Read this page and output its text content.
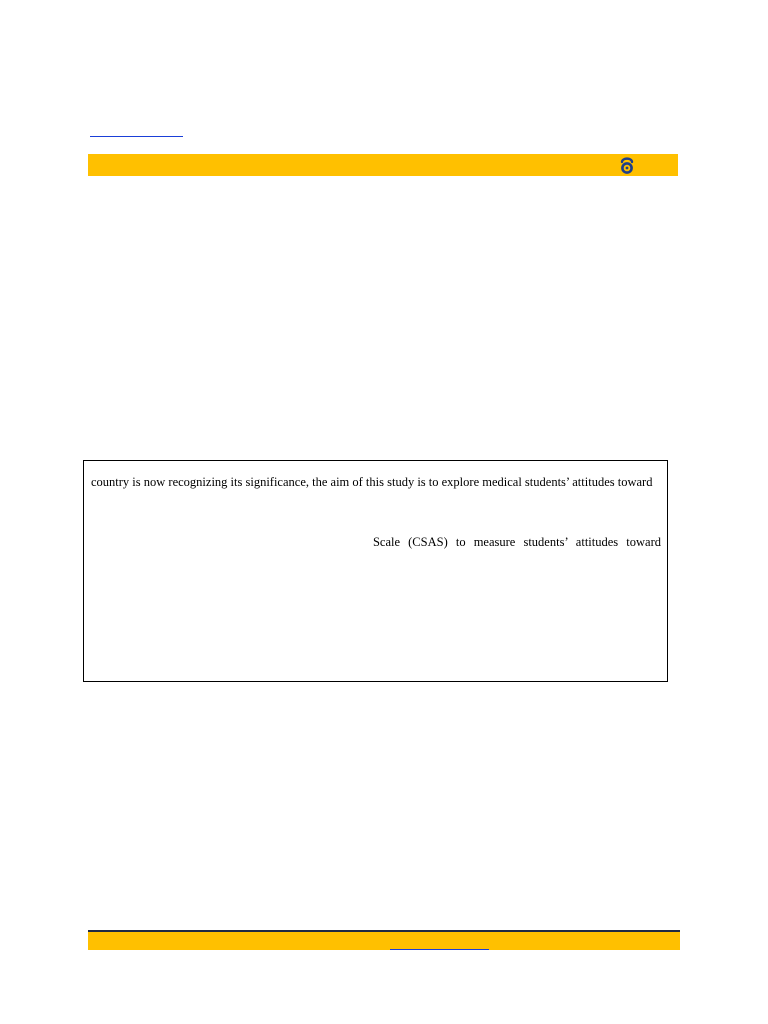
country is now recognizing its significance, the aim of this study is to explore medical students’ attitudes toward
Scale (CSAS) to measure students’ attitudes toward
